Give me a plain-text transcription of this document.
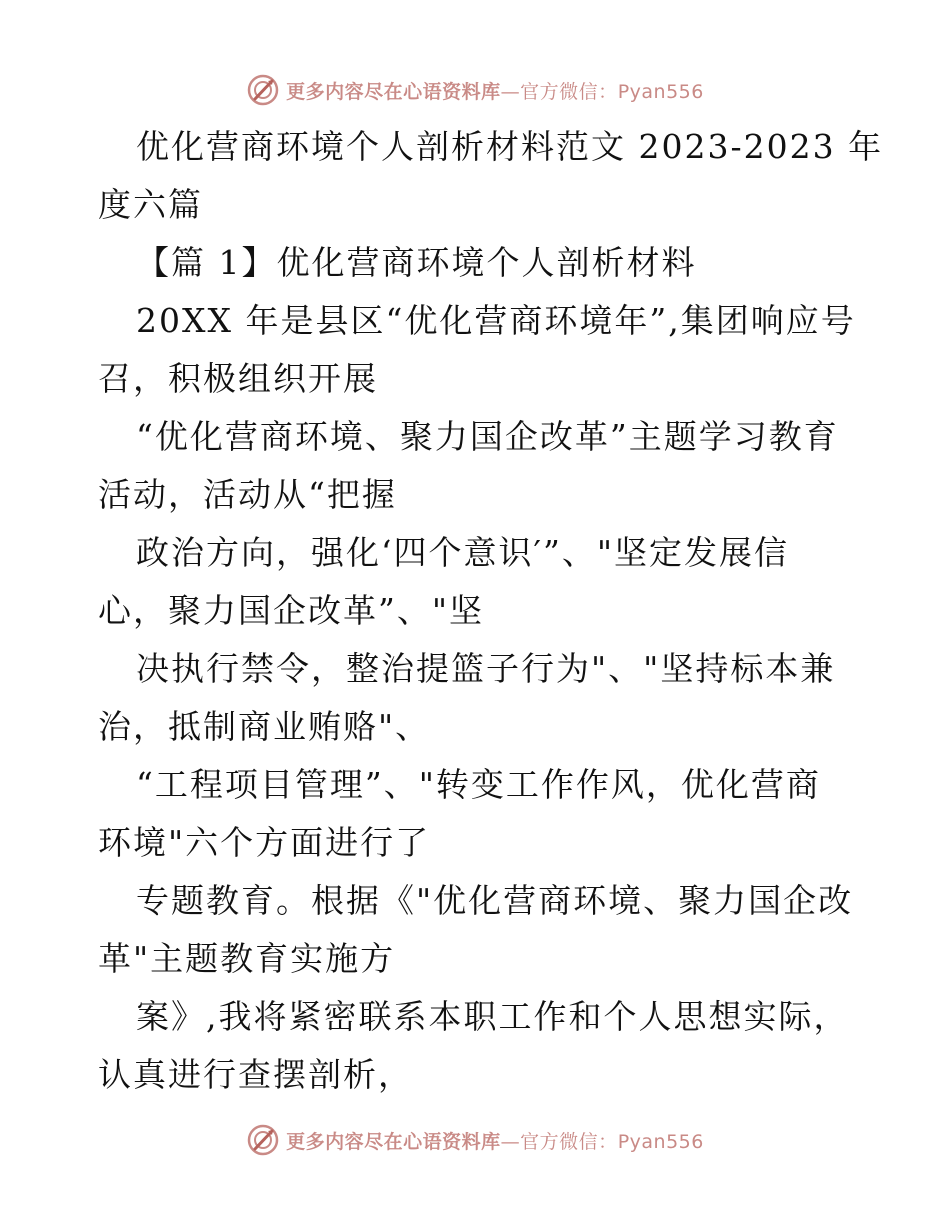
更多内容尽在心语资料库—官方微信：Pyan556
优化营商环境个人剖析材料范文 2023-2023 年
度六篇
【篇 1】优化营商环境个人剖析材料
20XX 年是县区“优化营商环境年”,集团响应号
召，积极组织开展
“优化营商环境、聚力国企改革”主题学习教育
活动，活动从“把握
政治方向，强化‘四个意识′”、"坚定发展信
心，聚力国企改革”、"坚
决执行禁令，整治提篮子行为"、"坚持标本兼
治，抵制商业贿赂"、
“工程项目管理”、"转变工作作风，优化营商
环境"六个方面进行了
专题教育。根据《"优化营商环境、聚力国企改
革"主题教育实施方
案》,我将紧密联系本职工作和个人思想实际，
认真进行查摆剖析，
更多内容尽在心语资料库—官方微信：Pyan556
